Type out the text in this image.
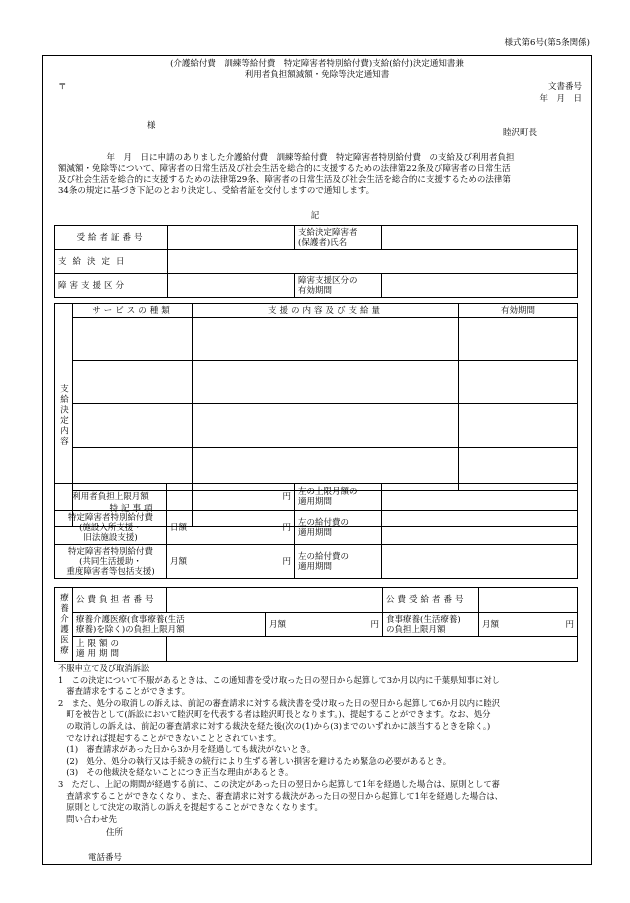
様式第6号(第5条関係)
(介護給付費　訓練等給付費　特定障害者特別給付費)支給(給付)決定通知書兼
利用者負担額減額・免除等決定通知書
〒	文書番号
年　月　日
様
睦沢町長
　年　月　日に申請のありました介護給付費　訓練等給付費　特定障害者特別給付費　の支給及び利用者負担
額減額・免除等について、障害者の日常生活及び社会生活を総合的に支援するための法律第22条及び障害者の日常生活
及び社会生活を総合的に支援するための法律第29条、障害者の日常生活及び社会生活を総合的に支援するための法律第
34条の規定に基づき下記のとおり決定し、受給者証を交付しますので通知します。
記
受給者証番号		支給決定障害者
(保護者)氏名	
支給決定日			
障害支援区分		障害支援区分の
有効期間	
支給決定内容	サービスの種類	支援の内容及び支給量	有効期間

	特記事項		
利用者負担上限月額	円	左の上限月額の
適用期間	
特定障害者特別給付費
(施設入所支援・
旧法施設支援)	日額 円	左の給付費の
適用期間	
特定障害者特別給付費
(共同生活援助・
重度障害者等包括支援)	月額 円	左の給付費の
適用期間	
療養介護医療	公費負担者番号			公費受給者番号	
	療養介護医療(食事療養(生活
療養)を除く)の負担上限月額		月額 円	食事療養(生活療養)
の負担上限月額	月額 円

	上限額の
適用期間				
不服申立て及び取消訴訟
1　この決定について不服があるときは、この通知書を受け取った日の翌日から起算して3か月以内に千葉県知事に対し
　審査請求をすることができます。
2　また、処分の取消しの訴えは、前記の審査請求に対する裁決書を受け取った日の翌日から起算して6か月以内に睦沢
　町を被告として(訴訟において睦沢町を代表する者は睦沢町長となります。)、提起することができます。なお、処分
　の取消しの訴えは、前記の審査請求に対する裁決を経た後(次の(1)から(3)までのいずれかに該当するときを除く。)
　でなければ提起することができないこととされています。
　(1)　審査請求があった日から3か月を経過しても裁決がないとき。
　(2)　処分、処分の執行又は手続きの続行により生ずる著しい損害を避けるため緊急の必要があるとき。
　(3)　その他裁決を経ないことにつき正当な理由があるとき。
3　ただし、上記の期間が経過する前に、この決定があった日の翌日から起算して1年を経過した場合は、原則として審
　査請求することができなくなり、また、審査請求に対する裁決があった日の翌日から起算して1年を経過した場合は、
　原則として決定の取消しの訴えを提起することができなくなります。
問い合わせ先
住所
電話番号
